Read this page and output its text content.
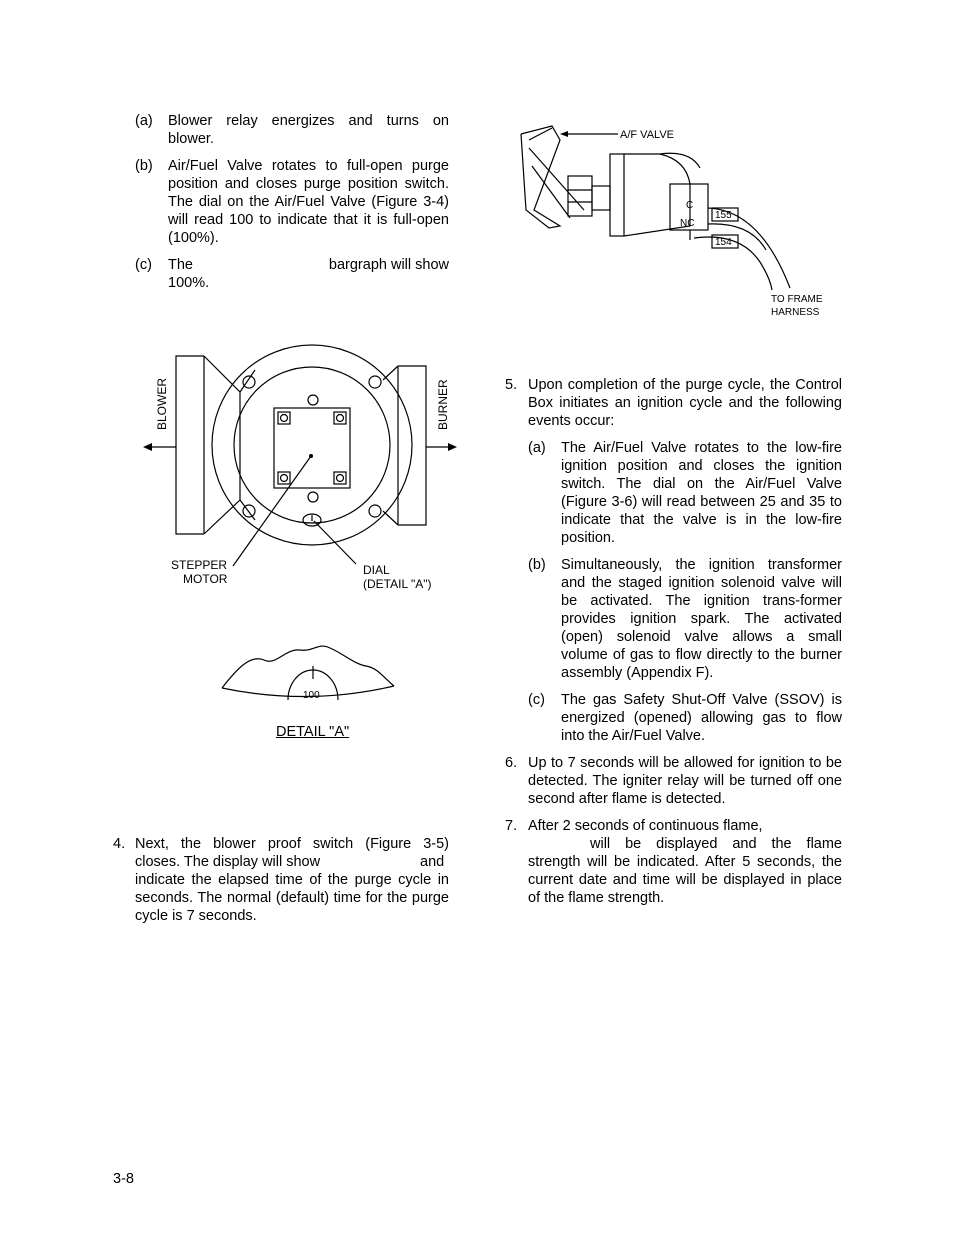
(a) Blower relay energizes and turns on blower.
(b) Air/Fuel Valve rotates to full-open purge position and closes purge position switch. The dial on the Air/Fuel Valve (Figure 3-4) will read 100 to indicate that it is full-open (100%).
(c) The	bargraph will show
100%.
BLOWER	BURNER
STEPPER
MOTOR
DIAL
(DETAIL "A")
100
DETAIL "A"
A/F VALVE
C
NC
155
154
TO FRAME
HARNESS
4. Next, the blower proof switch (Figure 3-5)
closes. The display will show	and
indicate the elapsed time of the purge cycle in seconds. The normal (default) time for the purge cycle is 7 seconds.
5. Upon completion of the purge cycle, the Control Box initiates an ignition cycle and the following events occur:
(a) The Air/Fuel Valve rotates to the low-fire ignition position and closes the ignition switch. The dial on the Air/Fuel Valve (Figure 3-6) will read between 25 and 35 to indicate that the valve is in the low-fire position.
(b) Simultaneously, the ignition transformer and the staged ignition solenoid valve will be activated. The ignition trans-former provides ignition spark. The activated (open) solenoid valve allows a small volume of gas to flow directly to the burner assembly (Appendix F).
(c) The gas Safety Shut-Off Valve (SSOV) is energized (opened) allowing gas to flow into the Air/Fuel Valve.
6. Up to 7 seconds will be allowed for ignition to be detected. The igniter relay will be turned off one second after flame is detected.
7. After 2 seconds of continuous flame,
will be displayed and the flame
strength will be indicated. After 5 seconds, the current date and time will be displayed in place of the flame strength.
3-8
